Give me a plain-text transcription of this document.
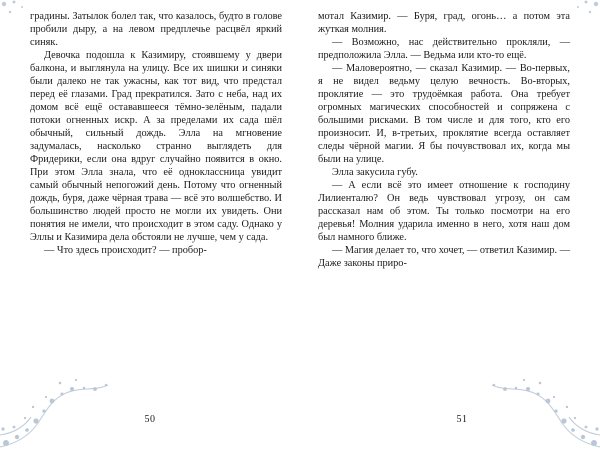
градины. Затылок болел так, что казалось, будто в голове пробили дыру, а на левом предплечье расцвёл яркий синяк.

Девочка подошла к Казимиру, стоявшему у двери балкона, и выглянула на улицу. Все их шишки и синяки были далеко не так ужасны, как тот вид, что предстал перед её глазами. Град прекратился. Зато с неба, над их домом всё ещё остававшееся тёмно-зелёным, падали потоки огненных искр. А за пределами их сада шёл обычный, сильный дождь. Элла на мгновение задумалась, насколько странно выглядеть для Фридерики, если она вдруг случайно появится в окно. При этом Элла знала, что её одноклассница увидит самый обычный непогожий день. Потому что огненный дождь, буря, даже чёрная трава — всё это волшебство. И большинство людей просто не могли их увидеть. Они понятия не имели, что происходит в этом саду. Однако у Эллы и Казимира дела обстояли не лучше, чем у сада.

— Что здесь происходит? — пробор-

50

мотал Казимир. — Буря, град, огонь… а потом эта жуткая молния.

— Возможно, нас действительно прокляли, — предположила Элла. — Ведьма или кто-то ещё.

— Маловероятно, — сказал Казимир. — Во-первых, я не видел ведьму целую вечность. Во-вторых, проклятие — это трудоёмкая работа. Она требует огромных магических способностей и сопряжена с большими рисками. В том числе и для того, кто его произносит. И, в-третьих, проклятие всегда оставляет следы чёрной магии. Я бы почувствовал их, когда мы были на улице.

Элла закусила губу.

— А если всё это имеет отношение к господину Лилиенталю? Он ведь чувствовал угрозу, он сам рассказал нам об этом. Ты только посмотри на его деревья! Молния ударила именно в него, хотя наш дом был намного ближе.

— Магия делает то, что хочет, — ответил Казимир. — Даже законы приро-

51
